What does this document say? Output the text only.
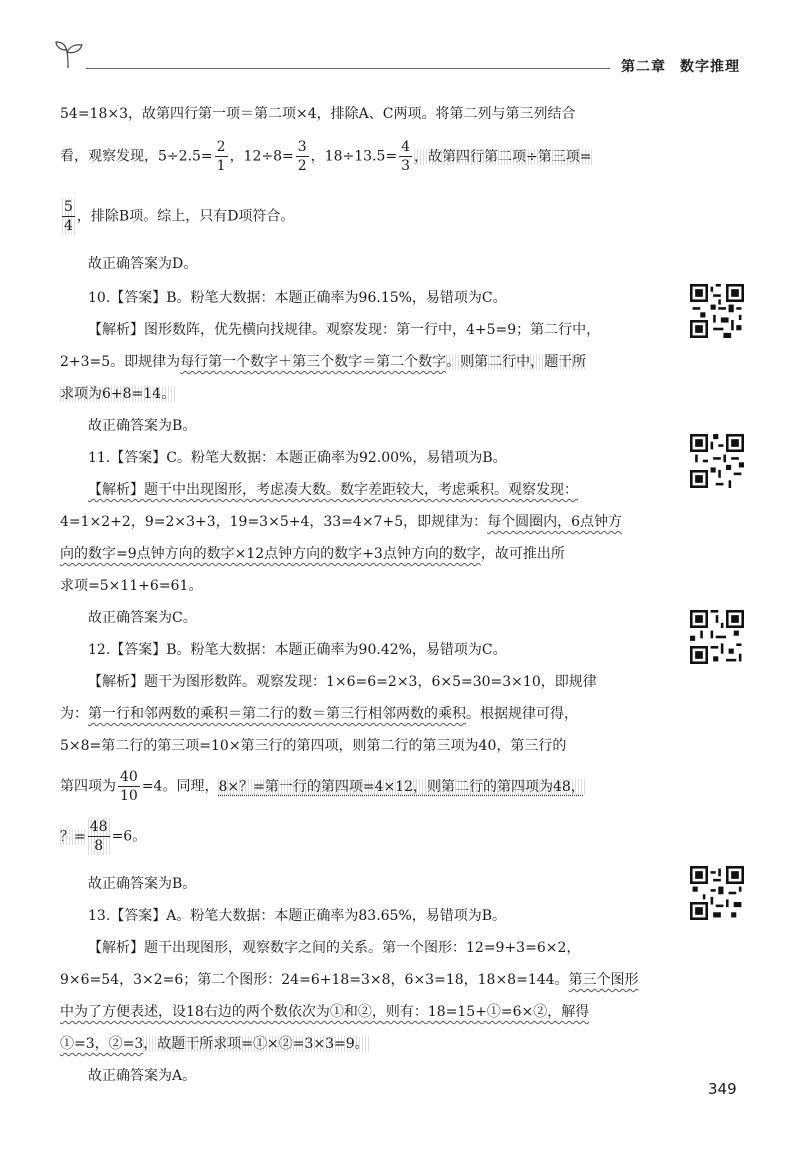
第二章 数字推理
54=18×3，故第四行第一项＝第二项×4，排除A、C两项。将第二列与第三列结合
看，观察发现，$5\div 2.5= \frac{2}{1}$ ，$12\div 8= \frac{3}{2}$ ，$18\div 13.5= \frac{4}{3}$ ，故第四行第二项÷第三项=
$\frac{5}{4}$ ，排除B项。综上，只有D项符合。
故正确答案为D。
10.【答案】B。粉笔大数据：本题正确率为96.15%，易错项为C。
【解析】图形数阵，优先横向找规律。观察发现：第一行中，4+5=9；第二行中，
2+3=5。即规律为每行第一个数字＋第三个数字＝第二个数字。则第二行中，题干所
求项为6+8=14。
故正确答案为B。
11.【答案】C。粉笔大数据：本题正确率为92.00%，易错项为B。
【解析】题干中出现图形，考虑凑大数。数字差距较大，考虑乘积。观察发现：
4=1×2+2，9=2×3+3，19=3×5+4，33=4×7+5，即规律为：每个圆圈内，6点钟方
向的数字=9点钟方向的数字×12点钟方向的数字+3点钟方向的数字，故可推出所
求项=5×11+6=61。
故正确答案为C。
12.【答案】B。粉笔大数据：本题正确率为90.42%，易错项为C。
【解析】题干为图形数阵。观察发现：1×6=6=2×3，6×5=30=3×10，即规律
为：第一行和邻两数的乘积＝第二行的数＝第三行相邻两数的乘积。根据规律可得，
5×8=第二行的第三项=10×第三行的第四项，则第二行的第三项为40，第三行的
第四项为 $\frac{40}{10} =4$。同理，8×？=第一行的第四项=4×12，则第二行的第四项为48，
？= $\frac{48}{8} =6$。
故正确答案为B。
13.【答案】A。粉笔大数据：本题正确率为83.65%，易错项为B。
【解析】题干出现图形，观察数字之间的关系。第一个图形：12=9+3=6×2，
9×6=54，3×2=6；第二个图形：24=6+18=3×8，6×3=18，18×8=144。第三个图形
中为了方便表述，设18右边的两个数依次为①和②，则有：18=15+①=6×②，解得
①=3，②=3，故题干所求项=①×②=3×3=9。
故正确答案为A。
349
